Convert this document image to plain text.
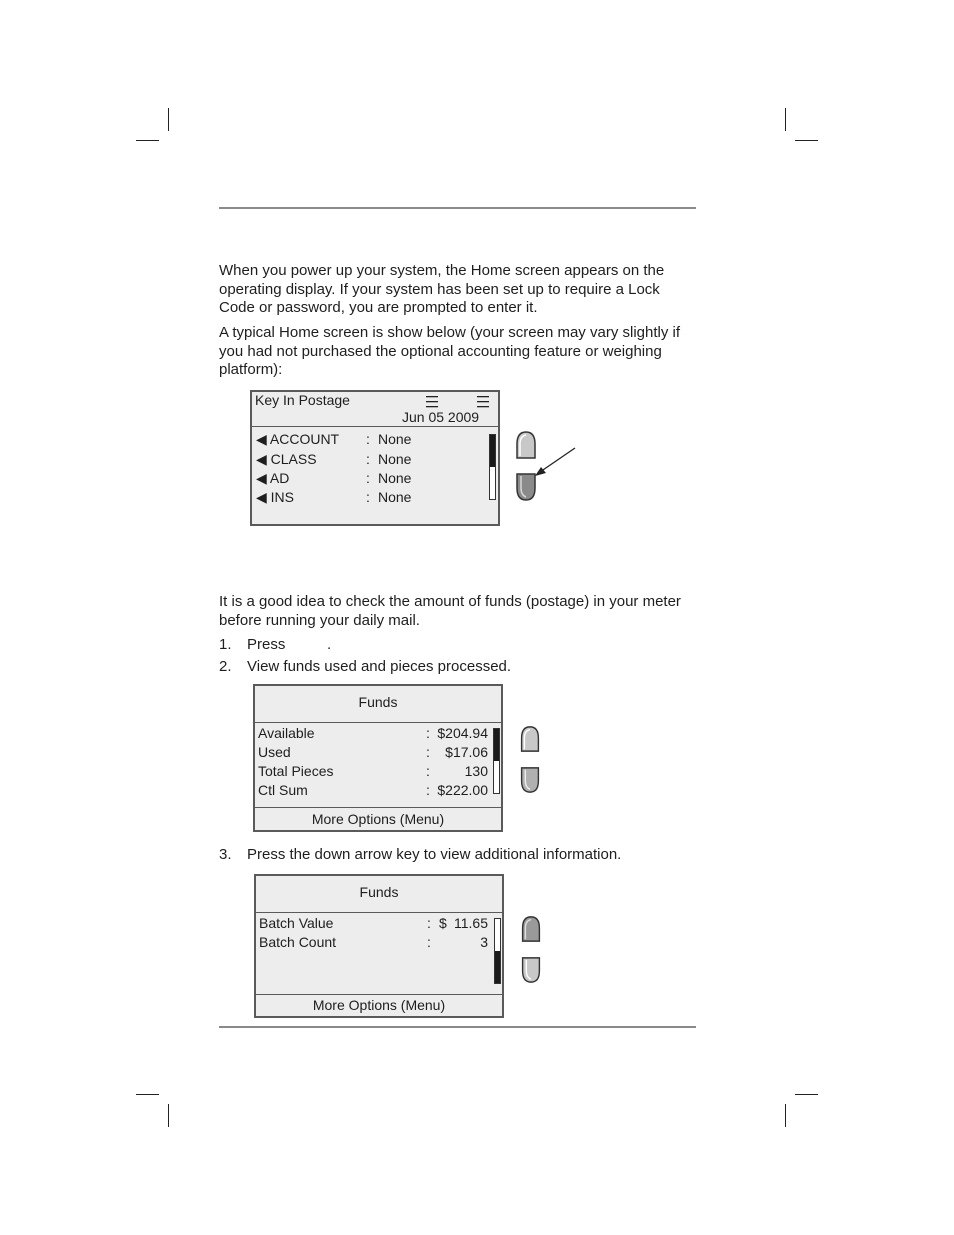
When you power up your system, the Home screen appears on the operating display. If your system has been set up to require a Lock Code or password, you are prompted to enter it.

A typical Home screen is show below (your screen may vary slightly if you had not purchased the optional accounting feature or weighing platform):

Key In Postage
Jun 05 2009
◀ ACCOUNT : None
◀ CLASS	: None
◀ AD	: None
◀ INS	: None

It is a good idea to check the amount of funds (postage) in your meter before running your daily mail.

1. Press          .
2. View funds used and pieces processed.
Funds
Available	: $204.94
Used	: $17.06
Total Pieces	: 130
Ctl Sum	: $222.00
More Options (Menu)
3. Press the down arrow key to view additional information.
Funds
Batch Value	: $ 11.65
Batch Count	:	3
More Options (Menu)
